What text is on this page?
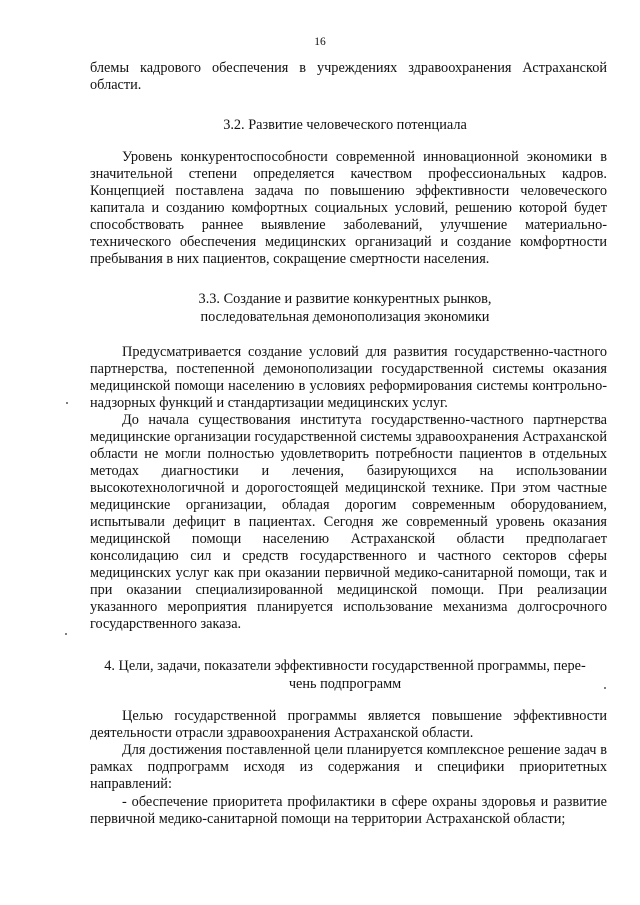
16

блемы кадрового обеспечения в учреждениях здравоохранения Астраханской области.

3.2. Развитие человеческого потенциала

Уровень конкурентоспособности современной инновационной экономики в значительной степени определяется качеством профессиональных кадров. Концепцией поставлена задача по повышению эффективности человеческого капитала и созданию комфортных социальных условий, решению которой будет способствовать раннее выявление заболеваний, улучшение материально-технического обеспечения медицинских организаций и создание комфортности пребывания в них пациентов, сокращение смертности населения.

3.3. Создание и развитие конкурентных рынков,
последовательная демонополизация экономики

Предусматривается создание условий для развития государственно-частного партнерства, постепенной демонополизации государственной системы оказания медицинской помощи населению в условиях реформирования системы контрольно-надзорных функций и стандартизации медицинских услуг.

До начала существования института государственно-частного партнерства медицинские организации государственной системы здравоохранения Астраханской области не могли полностью удовлетворить потребности пациентов в отдельных методах диагностики и лечения, базирующихся на использовании высокотехнологичной и дорогостоящей медицинской технике. При этом частные медицинские организации, обладая дорогим современным оборудованием, испытывали дефицит в пациентах. Сегодня же современный уровень оказания медицинской помощи населению Астраханской области предполагает консолидацию сил и средств государственного и частного секторов сферы медицинских услуг как при оказании первичной медико-санитарной помощи, так и при оказании специализированной медицинской помощи. При реализации указанного мероприятия планируется использование механизма долгосрочного государственного заказа.

4. Цели, задачи, показатели эффективности государственной программы, пере-
чень подпрограмм

Целью государственной программы является повышение эффективности деятельности отрасли здравоохранения Астраханской области.

Для достижения поставленной цели планируется комплексное решение задач в рамках подпрограмм исходя из содержания и специфики приоритетных направлений:

- обеспечение приоритета профилактики в сфере охраны здоровья и развитие первичной медико-санитарной помощи на территории Астраханской области;
